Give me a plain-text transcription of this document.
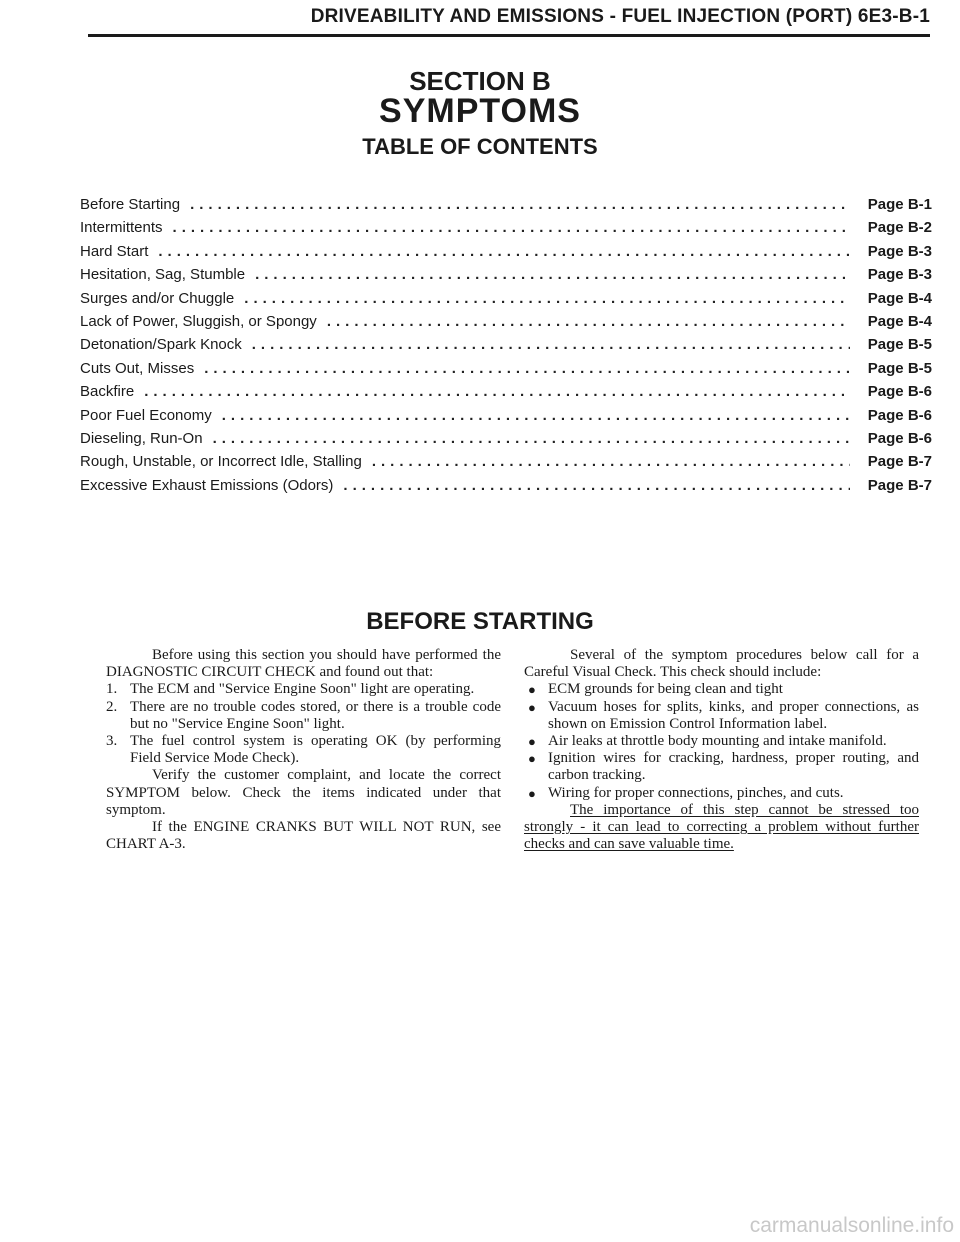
DRIVEABILITY AND EMISSIONS - FUEL INJECTION (PORT) 6E3-B-1
SECTION B
SYMPTOMS
TABLE OF CONTENTS
Before Starting .....	Page B-1
Intermittents .....	Page B-2
Hard Start .....	Page B-3
Hesitation, Sag, Stumble .....	Page B-3
Surges and/or Chuggle .....	Page B-4
Lack of Power, Sluggish, or Spongy .....	Page B-4
Detonation/Spark Knock .....	Page B-5
Cuts Out, Misses .....	Page B-5
Backfire .....	Page B-6
Poor Fuel Economy .....	Page B-6
Dieseling, Run-On .....	Page B-6
Rough, Unstable, or Incorrect Idle, Stalling .....	Page B-7
Excessive Exhaust Emissions (Odors) .....	Page B-7
BEFORE STARTING

Before using this section you should have performed the DIAGNOSTIC CIRCUIT CHECK and found out that:

1. The ECM and "Service Engine Soon" light are operating.
2. There are no trouble codes stored, or there is a trouble code but no "Service Engine Soon" light.
3. The fuel control system is operating OK (by performing Field Service Mode Check).

Verify the customer complaint, and locate the correct SYMPTOM below. Check the items indicated under that symptom.

If the ENGINE CRANKS BUT WILL NOT RUN, see CHART A-3.

Several of the symptom procedures below call for a Careful Visual Check. This check should include:

● ECM grounds for being clean and tight
● Vacuum hoses for splits, kinks, and proper connections, as shown on Emission Control Information label.
● Air leaks at throttle body mounting and intake manifold.
● Ignition wires for cracking, hardness, proper routing, and carbon tracking.
● Wiring for proper connections, pinches, and cuts.

The importance of this step cannot be stressed too strongly - it can lead to correcting a problem without further checks and can save valuable time.

carmanualsonline.info
